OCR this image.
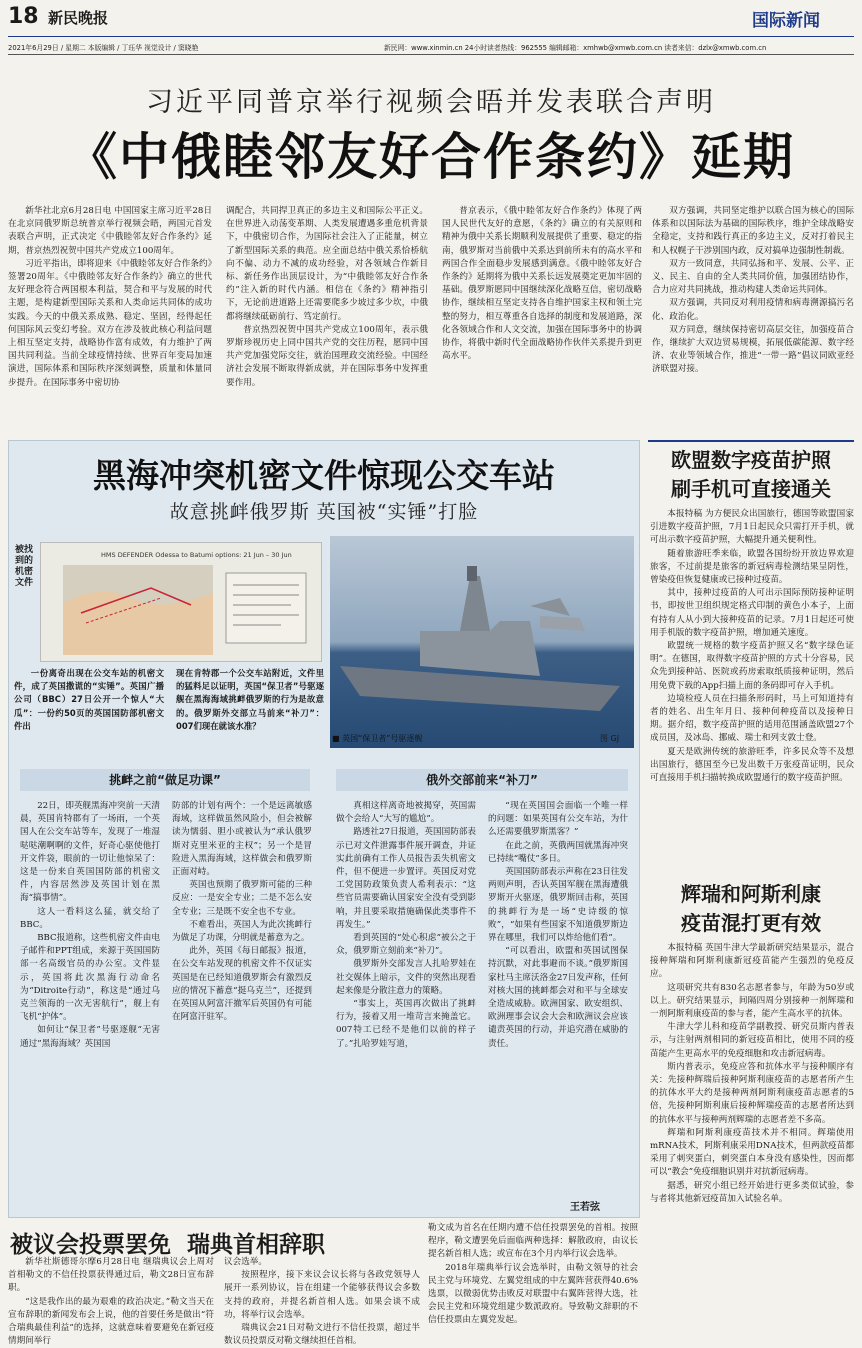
18 新民晚报	国际新闻
2021年6月29日 / 星期二 本版编辑 / 丁珏华 视觉设计 / 窦晓艳	新民网：www.xinmin.cn 24小时读者热线：962555 编辑邮箱：xmhwb@xmwb.com.cn 读者来信：dzlx@xmwb.com.cn
习近平同普京举行视频会晤并发表联合声明
《中俄睦邻友好合作条约》延期

新华社北京6月28日电 中国国家主席习近平28日在北京同俄罗斯总统普京举行视频会晤，两国元首发表联合声明，正式决定《中俄睦邻友好合作条约》延期，普京热烈祝贺中国共产党成立100周年。

习近平指出，即将迎来《中俄睦邻友好合作条约》签署20周年。《中俄睦邻友好合作条约》确立的世代友好理念符合两国根本利益，契合和平与发展的时代主题，是构建新型国际关系和人类命运共同体的成功实践。今天的中俄关系成熟、稳定、坚固，经得起任何国际风云变幻考验。双方在涉及彼此核心利益问题上相互坚定支持，战略协作富有成效，有力维护了两国共同利益。当前全球疫情持续、世界百年变局加速演进，国际体系和国际秩序深刻调整，质量和体量同步提升。在国际事务中密切协

调配合，共同捍卫真正的多边主义和国际公平正义。在世界进入动荡变革期、人类发展遭遇多重危机背景下，中俄密切合作，为国际社会注入了正能量，树立了新型国际关系的典范。应全面总结中俄关系恰桥航向不偏、动力不减的成功经验，对各领域合作新目标、新任务作出顶层设计，为“中俄睦邻友好合作条约”注入新的时代内涵。相信在《条约》精神指引下，无论前进道路上还需要爬多少坡过多少坎，中俄都将继续砥砺前行、笃定前行。

普京热烈祝贺中国共产党成立100周年，表示俄罗斯珍视历史上同中国共产党的交往历程，愿同中国共产党加强党际交往，就治国理政交流经验。中国经济社会发展不断取得新成就，并在国际事务中发挥重要作用。

普京表示，《俄中睦邻友好合作条约》体现了两国人民世代友好的意愿，《条约》确立的有关原则和精神为俄中关系长期顺利发展提供了重要、稳定的指南，俄罗斯对当前俄中关系达到前所未有的高水平和两国合作全面稳步发展感到满意。《俄中睦邻友好合作条约》延期将为俄中关系长远发展奠定更加牢固的基础。俄罗斯愿同中国继续深化战略互信，密切战略协作，继续相互坚定支持各自维护国家主权和领土完整的努力，相互尊重各自选择的制度和发展道路，深化各领域合作和人文交流，加强在国际事务中的协调协作，将俄中新时代全面战略协作伙伴关系提升到更高水平。

双方强调，共同坚定维护以联合国为核心的国际体系和以国际法为基础的国际秩序，维护全球战略安全稳定，支持和践行真正的多边主义，反对打着民主和人权幌子干涉别国内政，反对搞单边强制性制裁。

双方一致同意，共同弘扬和平、发展、公平、正义、民主、自由的全人类共同价值，加强团结协作，合力应对共同挑战，推动构建人类命运共同体。

双方强调，共同反对利用疫情和病毒溯源搞污名化、政治化。

双方同意，继续保持密切高层交往，加强疫苗合作，继续扩大双边贸易规模，拓展低碳能源、数字经济、农业等领域合作，推进“一带一路”倡议同欧亚经济联盟对接。

黑海冲突机密文件惊现公交车站
故意挑衅俄罗斯 英国被“实锤”打脸
被找到的机密文件
HMS DEFENDER Odessa to Batumi options: 21 Jun – 30 Jun

一份离奇出现在公交车站的机密文件，成了英国撒谎的“实锤”。英国广播公司（BBC）27日公开一个惊人“大瓜”：一份约50页的英国国防部机密文件出

现在肯特郡一个公交车站附近，文件里的猛料足以证明，英国“保卫者”号驱逐舰在黑海海域挑衅俄罗斯的行为是故意的。俄罗斯外交部立马前来“补刀”：007们现在就该水准？

■ 英国“保卫者”号驱逐舰	图 GJ
挑衅之前“做足功课”	俄外交部前来“补刀”

22日，即英舰黑海冲突前一天清晨，英国肯特郡有了一场雨，一个英国人在公交车站等车，发现了一堆湿哒哒潮啊啊的文件，好奇心驱使他打开文件袋，眼前的一切让他惊呆了：这是一份来自英国国防部的机密文件，内容居然涉及英国计划在黑海“搞事情”。

这人一看料这么猛，就交给了BBC。

BBC报道称，这些机密文件由电子邮件和PPT组成，来源于英国国防部一名高级官员的办公室。文件显示，英国将此次黑海行动命名为“Ditroite行动”，称这是“通过乌克兰领海的一次无害航行”，舰上有飞机“护体”。

如何让“保卫者”号驱逐舰“无害通过”黑海海域？英国国

防部的计划有两个：一个是远离敏感海域，这样做虽然风险小，但会被解读为懦弱、胆小或被认为“承认俄罗斯对克里米亚的主权”；另一个是冒险进入黑海海域，这样做会和俄罗斯正面对峙。

英国也预期了俄罗斯可能的三种反应：一是安全专业；二是不怎么安全专业；三是既不安全也不专业。

不难看出，英国人为此次挑衅行为做足了功课，分明就是蓄意为之。

此外，英国《每日邮报》报道，在公交车站发现的机密文件不仅证实英国是在已经知道俄罗斯会有激烈反应的情况下蓄意“挺乌克兰”，还提到在英国从阿富汗撤军后英国仍有可能在阿富汗驻军。

真相这样离奇地被揭穿，英国需做个会给人“大写的尴尬”。

路透社27日报道，英国国防部表示已对文件泄露事件展开调查，并证实此前确有工作人员报告丢失机密文件，但不便进一步置评。英国反对党工党国防政策负责人希利表示：“这些官员需要确认国家安全没有受到影响，并且要采取措施确保此类事件不再发生。”

看到英国的“处心积虑”被公之于众，俄罗斯立刻前来“补刀”。

俄罗斯外交部发言人扎哈罗娃在社交媒体上暗示，文件的突然出现看起来像是分散注意力的策略。

“事实上，英国再次做出了挑衅行为，接着又用一堆苛言来掩盖它。007特工已经不是他们以前的样子了。”扎哈罗娃写道，

“现在英国国会面临一个唯一样的问题：如果英国有公交车站，为什么还需要俄罗斯黑客？”

在此之前，英俄两国就黑海冲突已持续“嘴仗”多日。

英国国防部表示声称在23日往发两则声明，否认英国军舰在黑海遭俄罗斯开火驱逐，俄罗斯回击称，英国的挑衅行为是一场“史诗级的惊败”，“如果有些国家不知道俄罗斯边界在哪里，我们可以炸给他们看”。

“可以看出，欧盟和英国试图保持沉默，对此事避而不谈。”俄罗斯国家杜马主席沃洛金27日发声称，任何对核大国的挑衅都会对和平与全球安全造成威胁。欧洲国家、欧安组织、欧洲理事会议会大会和欧洲议会应该谴责英国的行动，并追究潜在威胁的责任。

王若弦
欧盟数字疫苗护照
刷手机可直接通关

本报特稿 为方便民众出国旅行，德国等欧盟国家引进数字疫苗护照，7月1日起民众只需打开手机，就可出示数字疫苗护照，大幅提升通关便利性。

随着旅游旺季来临，欧盟各国纷纷开放边界欢迎旅客，不过前提是旅客的新冠病毒检测结果呈阴性，曾染疫但恢复健康或已接种过疫苗。

其中，接种过疫苗的人可出示国际预防接种证明书，即按世卫组织规定格式印制的黄色小本子，上面有持有人从小到大接种疫苗的记录。7月1日起还可使用手机版的数字疫苗护照，增加通关速度。

欧盟统一规格的数字疫苗护照又名“数字绿色证明”。在德国，取得数字疫苗护照的方式十分容易，民众先到接种站、医院或药房索取纸质接种证明，然后用免费下载的App扫描上面的条码即可存入手机。

边境检疫人员在扫描条形码时，马上可知道持有者的姓名、出生年月日、接种何种疫苗以及接种日期。据介绍，数字疫苗护照的适用范围涵盖欧盟27个成员国，及冰岛、挪威、瑞士和列支敦士登。

夏天是欧洲传统的旅游旺季，许多民众等不及想出国旅行，德国至今已发出数千万张疫苗证明，民众可直接用手机扫描转换成欧盟通行的数字疫苗护照。

辉瑞和阿斯利康
疫苗混打更有效

本报特稿 英国牛津大学最新研究结果显示，混合接种辉瑞和阿斯利康新冠疫苗能产生强烈的免疫反应。

这项研究共有830名志愿者参与，年龄为50岁或以上。研究结果显示，间隔四周分别接种一剂辉瑞和一剂阿斯利康疫苗的参与者，能产生高水平的抗体。

牛津大学儿科和疫苗学副教授、研究员斯内普表示，与注射两剂相同的新冠疫苗相比，使用不同的疫苗能产生更高水平的免疫细胞和攻击新冠病毒。

斯内普表示，免疫应答和抗体水平与接种顺序有关：先接种辉瑞后接种阿斯利康疫苗的志愿者所产生的抗体水平大约是接种两剂阿斯利康疫苗志愿者的5倍，先接种阿斯利康后接种辉瑞疫苗的志愿者所达到的抗体水平与接种两剂辉瑞的志愿者差不多高。

辉瑞和阿斯利康疫苗技术并不相同。辉瑞使用mRNA技术，阿斯利康采用DNA技术，但两款疫苗都采用了刺突蛋白，刺突蛋白本身没有感染性，因而都可以“教会”免疫细胞识别并对抗新冠病毒。

据悉，研究小组已经开始进行更多类似试验，参与者将其他新冠疫苗加入试验名单。

被议会投票罢免  瑞典首相辞职

新华社斯德哥尔摩6月28日电 继瑞典议会上周对首相勒文的不信任投票获得通过后，勒文28日宣布辞职。

“这是我作出的最为艰难的政治决定。”勒文当天在宣布辞职的新闻发布会上说，他的首要任务是做出“符合瑞典最佳利益”的选择，这就意味着要避免在新冠疫情期间举行

议会选举。

按照程序，接下来议会议长将与各政党领导人展开一系列协议，旨在组建一个能够获得议会多数支持的政府，并提名新首相人选。如果会谈不成功，将举行议会选举。

瑞典议会21日对勒文进行不信任投票，超过半数议员投票反对勒文继续担任首相。

勒文成为首名在任期内遭不信任投票罢免的首相。按照程序，勒文遭罢免后面临两种选择：解散政府，由议长提名新首相人选；或宣布在3个月内举行议会选举。

2018年瑞典举行议会选举时，由勒文领导的社会民主党与环境党、左翼党组成的中左翼阵营获得40.6%选票，以微弱优势击败反对联盟中右翼阵营得大选，社会民主党和环境党组建少数派政府。导致勒文辞职的不信任投票由左翼党发起。
